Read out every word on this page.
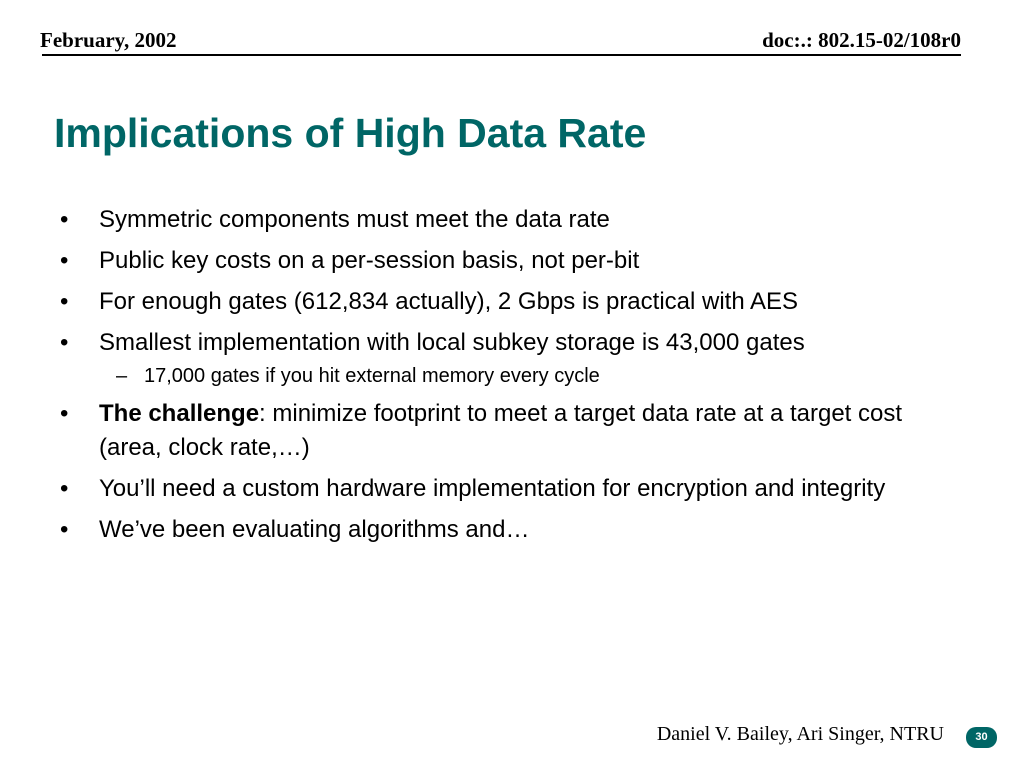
February, 2002	doc:.: 802.15-02/108r0
Implications of High Data Rate
•	Symmetric components must meet the data rate
•	Public key costs on a per-session basis, not per-bit
•	For enough gates (612,834 actually), 2 Gbps is practical with AES
•	Smallest implementation with local subkey storage is 43,000 gates
– 17,000 gates if you hit external memory every cycle
•	The challenge: minimize footprint to meet a target data rate at a target cost (area, clock rate,…)
•	You’ll need a custom hardware implementation for encryption and integrity
•	We’ve been evaluating algorithms and…
Daniel V. Bailey, Ari Singer, NTRU	30
